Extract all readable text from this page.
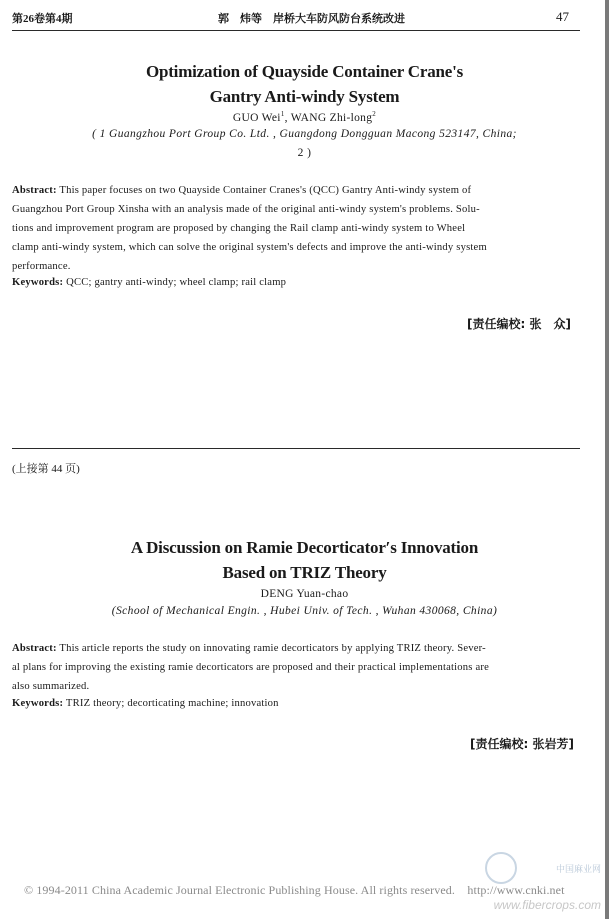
第26卷第4期	郭　炜等　岸桥大车防风防台系统改进	47
Optimization of Quayside Container Crane's
Gantry Anti-windy System
GUO Wei$^1$, WANG Zhi-long$^2$
( 1 Guangzhou Port Group Co. Ltd. , Guangdong Dongguan Macong 523147, China;
2 )
Abstract: This paper focuses on two Quayside Container Cranes's (QCC) Gantry Anti-windy system of
Guangzhou Port Group Xinsha with an analysis made of the original anti-windy system's problems. Solu-
tions and improvement program are proposed by changing the Rail clamp anti-windy system to Wheel
clamp anti-windy system, which can solve the original system's defects and improve the anti-windy system
performance.
Keywords: QCC; gantry anti-windy; wheel clamp; rail clamp
[责任编校: 张　众]
(上接第 44 页)
A Discussion on Ramie Decorticator′s Innovation
Based on TRIZ Theory
DENG Yuan-chao
(School of Mechanical Engin. , Hubei Univ. of Tech. , Wuhan 430068, China)
Abstract: This article reports the study on innovating ramie decorticators by applying TRIZ theory. Sever-
al plans for improving the existing ramie decorticators are proposed and their practical implementations are
also summarized.
Keywords: TRIZ theory; decorticating machine; innovation
[责任编校: 张岩芳]
© 1994-2011 China Academic Journal Electronic Publishing House. All rights reserved. http://www.cnki.net
中国麻业网
www.fibercrops.com
